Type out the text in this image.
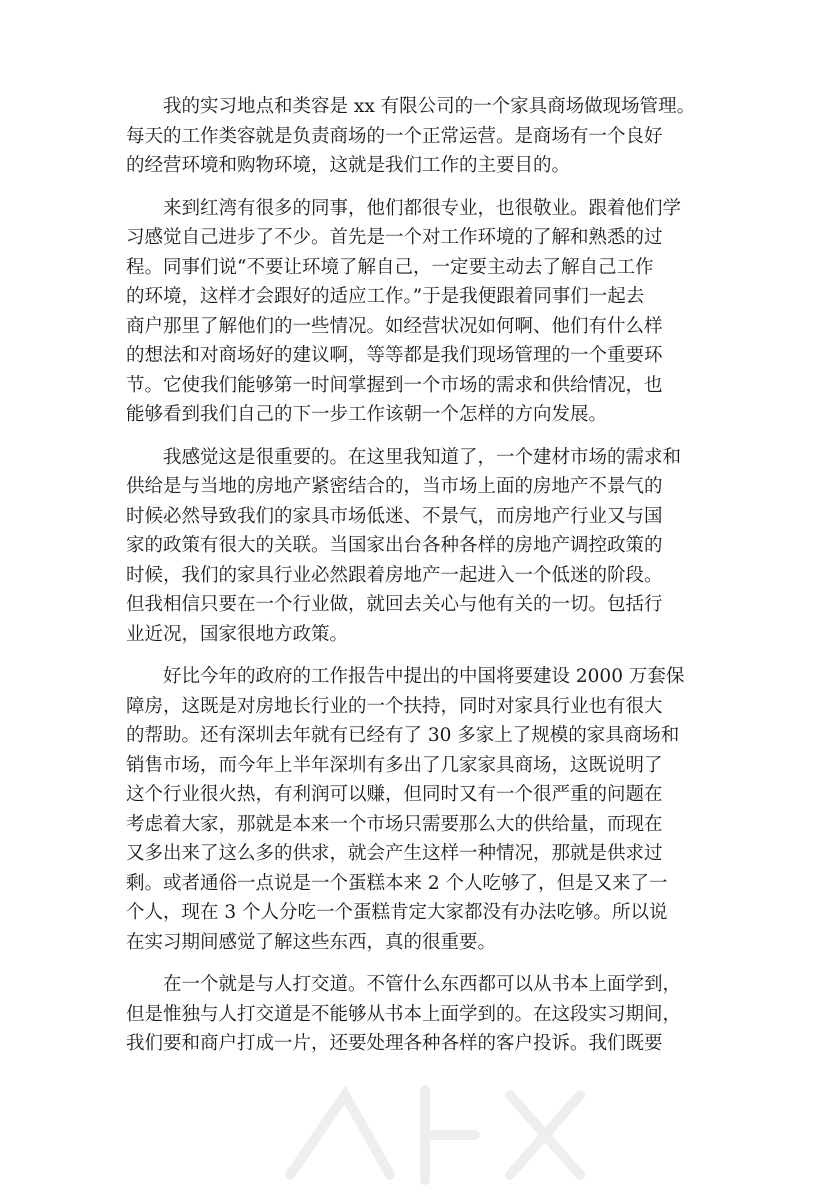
　　我的实习地点和类容是 xx 有限公司的一个家具商场做现场管理。
每天的工作类容就是负责商场的一个正常运营。是商场有一个良好
的经营环境和购物环境，这就是我们工作的主要目的。

　　来到红湾有很多的同事，他们都很专业，也很敬业。跟着他们学
习感觉自己进步了不少。首先是一个对工作环境的了解和熟悉的过
程。同事们说“不要让环境了解自己，一定要主动去了解自己工作
的环境，这样才会跟好的适应工作。”于是我便跟着同事们一起去
商户那里了解他们的一些情况。如经营状况如何啊、他们有什么样
的想法和对商场好的建议啊，等等都是我们现场管理的一个重要环
节。它使我们能够第一时间掌握到一个市场的需求和供给情况，也
能够看到我们自己的下一步工作该朝一个怎样的方向发展。

　　我感觉这是很重要的。在这里我知道了，一个建材市场的需求和
供给是与当地的房地产紧密结合的，当市场上面的房地产不景气的
时候必然导致我们的家具市场低迷、不景气，而房地产行业又与国
家的政策有很大的关联。当国家出台各种各样的房地产调控政策的
时候，我们的家具行业必然跟着房地产一起进入一个低迷的阶段。
但我相信只要在一个行业做，就回去关心与他有关的一切。包括行
业近况，国家很地方政策。

　　好比今年的政府的工作报告中提出的中国将要建设 2000 万套保
障房，这既是对房地长行业的一个扶持，同时对家具行业也有很大
的帮助。还有深圳去年就有已经有了 30 多家上了规模的家具商场和
销售市场，而今年上半年深圳有多出了几家家具商场，这既说明了
这个行业很火热，有利润可以赚，但同时又有一个很严重的问题在
考虑着大家，那就是本来一个市场只需要那么大的供给量，而现在
又多出来了这么多的供求，就会产生这样一种情况，那就是供求过
剩。或者通俗一点说是一个蛋糕本来 2 个人吃够了，但是又来了一
个人，现在 3 个人分吃一个蛋糕肯定大家都没有办法吃够。所以说
在实习期间感觉了解这些东西，真的很重要。

　　在一个就是与人打交道。不管什么东西都可以从书本上面学到，
但是惟独与人打交道是不能够从书本上面学到的。在这段实习期间，
我们要和商户打成一片，还要处理各种各样的客户投诉。我们既要
